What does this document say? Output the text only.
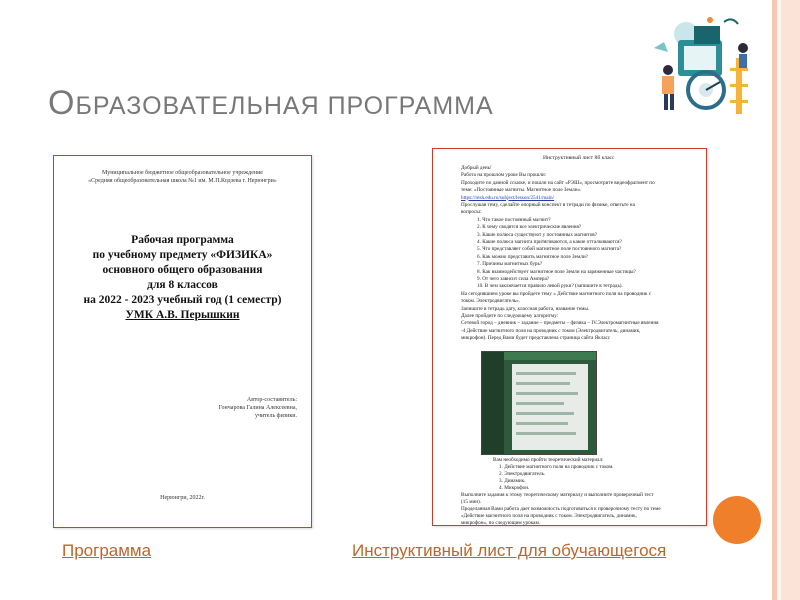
ОБРАЗОВАТЕЛЬНАЯ ПРОГРАММА
Муниципальное бюджетное общеобразовательное учреждение
«Средняя общеобразовательная школа №1 им. М.П.Кодзева г. Нерюнгри»
Рабочая программа
по учебному предмету «ФИЗИКА»
основного общего образования
для 8 классов
на 2022 - 2023 учебный год (1 семестр)
УМК А.В. Перышкин
Автор-составитель:
Гончарова Галина Алексеевна,
учитель физики.
Нерюнгри, 2022г.
Инструктивный лист 8б класс
Добрый день!
Работа на прошлом уроке Вы прошли:
Проходите по данной ссылке, и пошли на сайт «РЭШ», просмотрите видеофрагмент по
теме: «Постоянные магниты. Магнитное поле Земли».
https://resh.edu.ru/subject/lesson/2541/main/
Прослушав тему, сделайте опорный конспект в тетради по физике, ответьте на
вопросы:
1. Что такое постоянный магнит?
2. К чему сводятся все электрические явления?
3. Какие полюса существуют у постоянных магнитов?
4. Какие полюса магнита притягиваются, а какие отталкиваются?
5. Что представляет собой магнитное поле постоянного магнита?
6. Как можно представить магнитное поле Земли?
7. Причины магнитных бурь?
8. Как взаимодействует магнитное поле Земли на заряженные частицы?
9. От чего зависит сила Ампера?
10. В чем заключается правило левой руки? (запишите в тетрадь).
На сегодняшнем уроке вы пройдете тему « Действие магнитного поля на проводник с
током. Электродвигатель».
Запишите в тетрадь дату, классная работа, название темы.
Далее пройдите по следующему алгоритму:
Сетевой город – дневник – задание – предметы – физика – IV.Электромагнитные явления
-4 Действие магнитного поля на проводник с током (Электродвигатель, динамик,
микрофон). Перед Вами будет представлена страница сайта Якласс
Вам необходимо пройти теоретический материал:
1. Действие магнитного поля на проводник с током.
2. Электродвигатель.
3. Динамик.
4. Микрофон.
Выполните задания к этому теоретическому материалу и выполните проверочный тест
(15 мин).
Проделанная Вами работа дает возможность подготовиться к проверочному тесту по теме
«Действие магнитного поля на проводник с током. Электродвигатель, динамик,
микрофон», по следующим урокам.
Программа	Инструктивный лист для обучающегося
